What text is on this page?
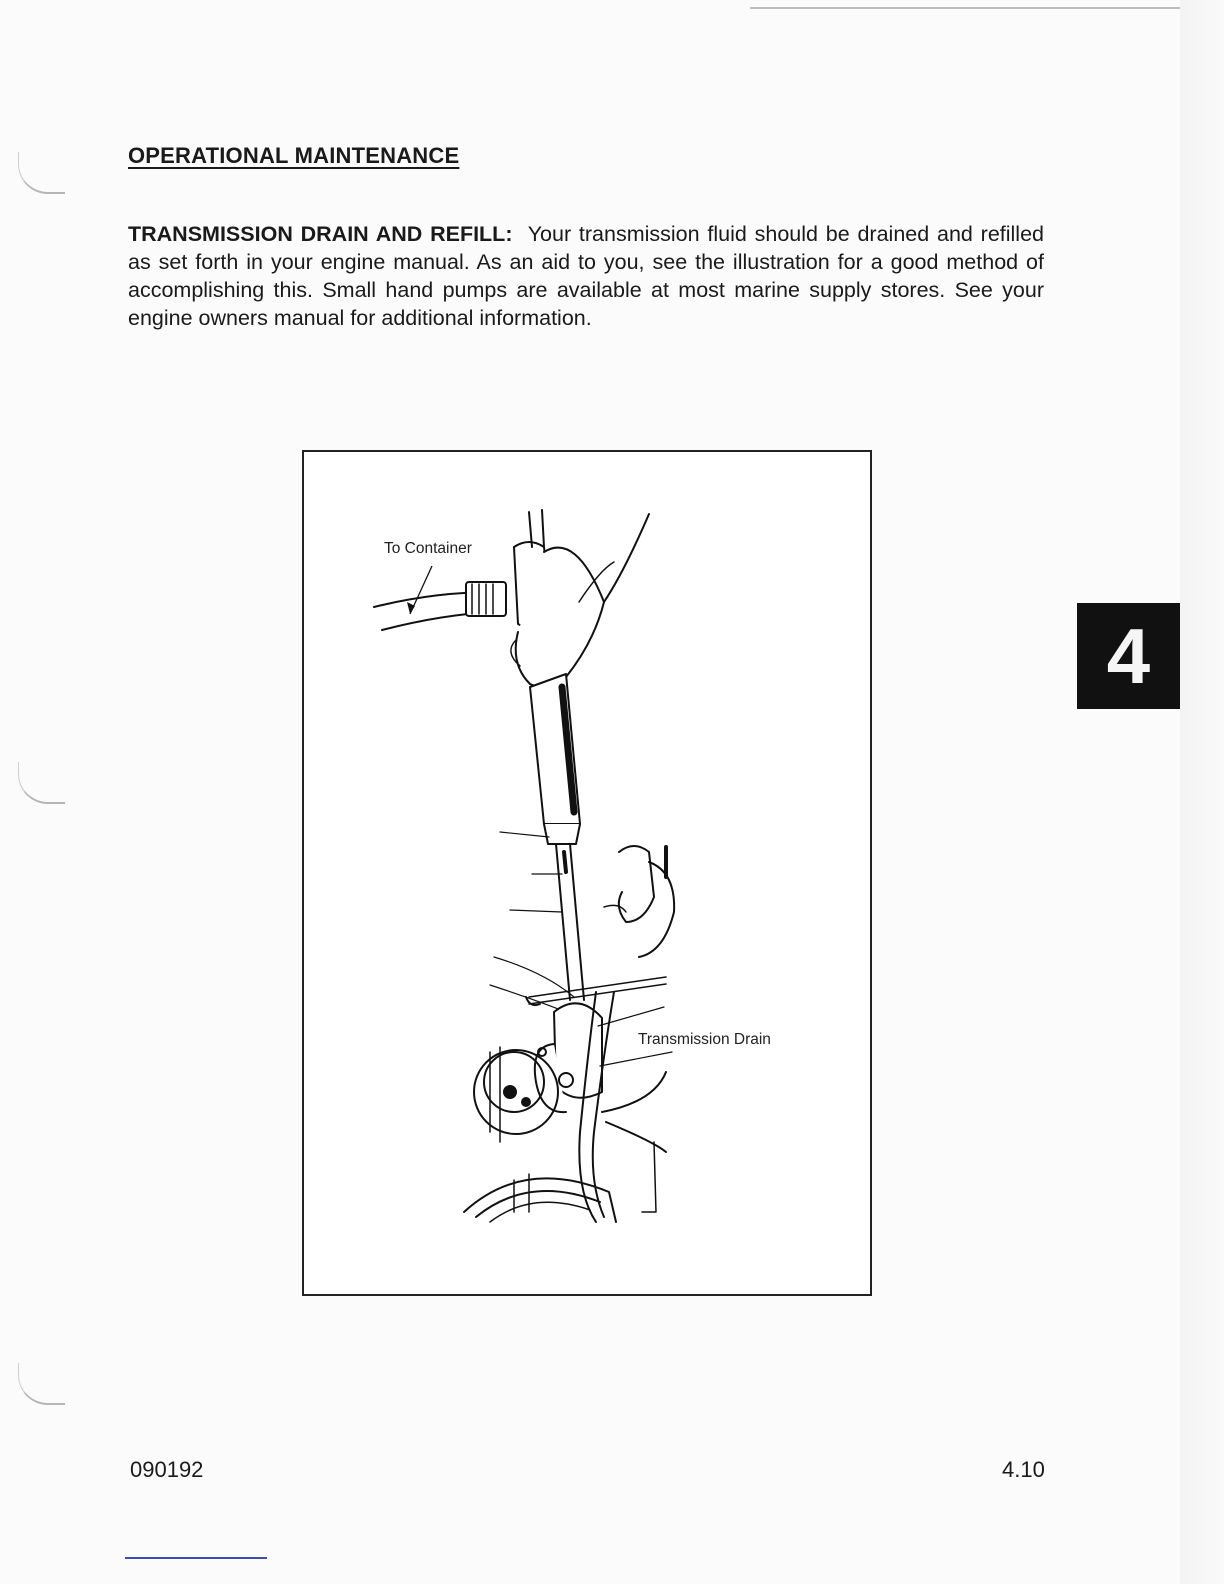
OPERATIONAL MAINTENANCE

TRANSMISSION DRAIN AND REFILL: Your transmission fluid should be drained and refilled as set forth in your engine manual. As an aid to you, see the illustration for a good method of accomplishing this. Small hand pumps are available at most marine supply stores. See your engine owners manual for additional information.

To Container
Transmission Drain
4
090192	4.10
